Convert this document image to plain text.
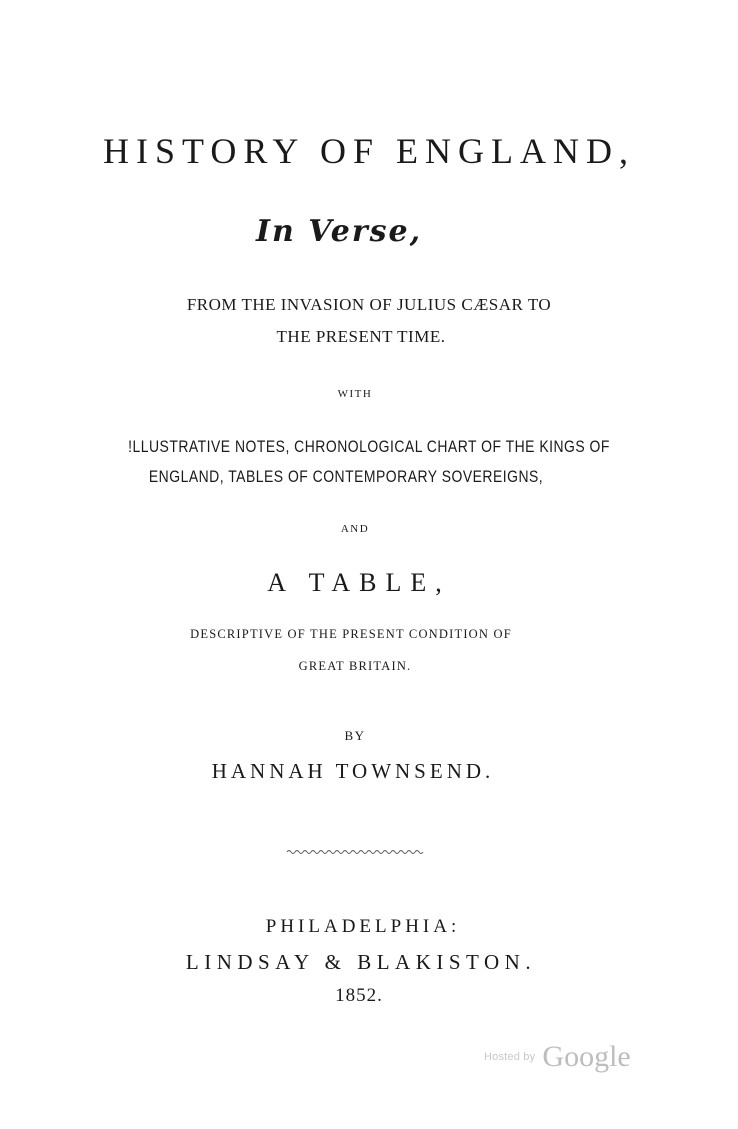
HISTORY OF ENGLAND,
In Verse,
FROM THE INVASION OF JULIUS CÆSAR TO
THE PRESENT TIME.
WITH
!LLUSTRATIVE NOTES, CHRONOLOGICAL CHART OF THE KINGS OF
ENGLAND, TABLES OF CONTEMPORARY SOVEREIGNS,
AND
A TABLE,
DESCRIPTIVE OF THE PRESENT CONDITION OF
GREAT BRITAIN.
BY
HANNAH TOWNSEND.
PHILADELPHIA:
LINDSAY & BLAKISTON.
1852.
Hosted by Google
